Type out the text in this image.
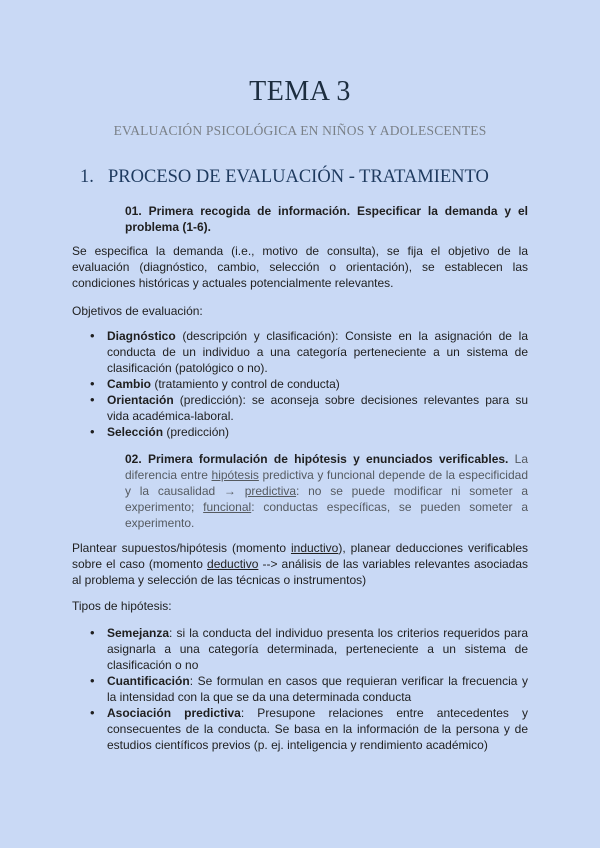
TEMA 3
EVALUACIÓN PSICOLÓGICA EN NIÑOS Y ADOLESCENTES
1. PROCESO DE EVALUACIÓN - TRATAMIENTO
01. Primera recogida de información. Especificar la demanda y el problema (1-6).
Se especifica la demanda (i.e., motivo de consulta), se fija el objetivo de la evaluación (diagnóstico, cambio, selección o orientación), se establecen las condiciones históricas y actuales potencialmente relevantes.
Objetivos de evaluación:
• Diagnóstico (descripción y clasificación): Consiste en la asignación de la conducta de un individuo a una categoría perteneciente a un sistema de clasificación (patológico o no).
• Cambio (tratamiento y control de conducta)
• Orientación (predicción): se aconseja sobre decisiones relevantes para su vida académica-laboral.
• Selección (predicción)
02. Primera formulación de hipótesis y enunciados verificables. La diferencia entre hipótesis predictiva y funcional depende de la especificidad y la causalidad → predictiva: no se puede modificar ni someter a experimento; funcional: conductas específicas, se pueden someter a experimento.
Plantear supuestos/hipótesis (momento inductivo), planear deducciones verificables sobre el caso (momento deductivo --> análisis de las variables relevantes asociadas al problema y selección de las técnicas o instrumentos)
Tipos de hipótesis:
• Semejanza: si la conducta del individuo presenta los criterios requeridos para asignarla a una categoría determinada, perteneciente a un sistema de clasificación o no
• Cuantificación: Se formulan en casos que requieran verificar la frecuencia y la intensidad con la que se da una determinada conducta
• Asociación predictiva: Presupone relaciones entre antecedentes y consecuentes de la conducta. Se basa en la información de la persona y de estudios científicos previos (p. ej. inteligencia y rendimiento académico)
